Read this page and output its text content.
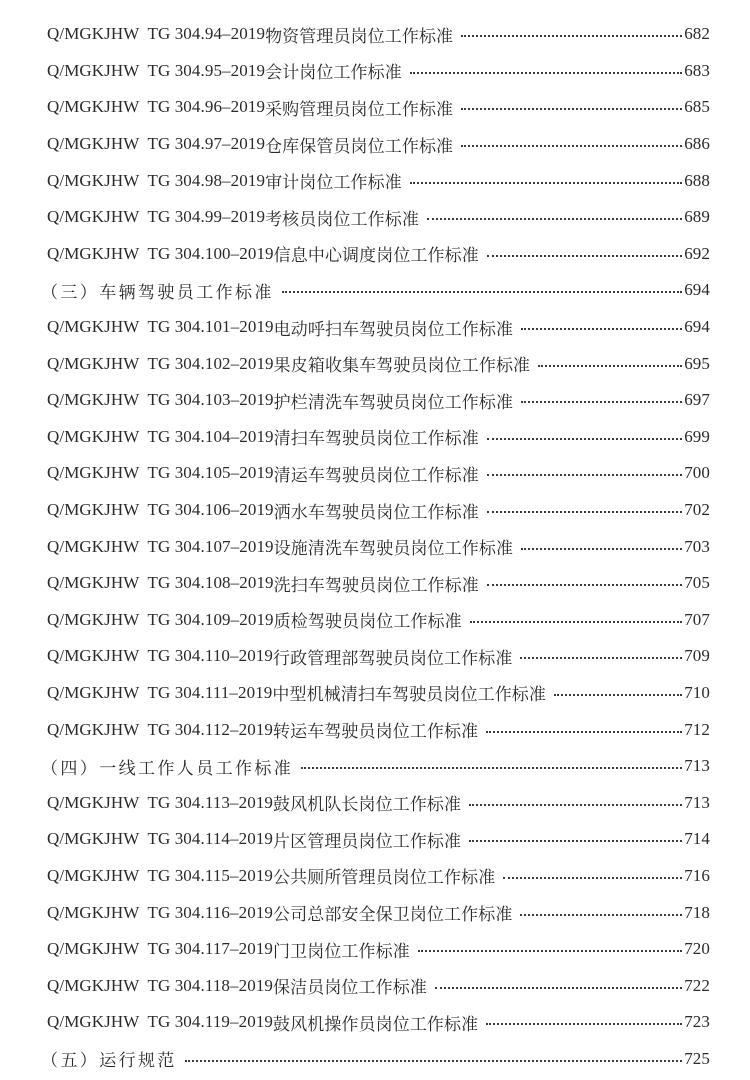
Q/MGKJHW  TG 304.94–2019 物资管理员岗位工作标准	682
Q/MGKJHW  TG 304.95–2019 会计岗位工作标准	683
Q/MGKJHW  TG 304.96–2019 采购管理员岗位工作标准	685
Q/MGKJHW  TG 304.97–2019 仓库保管员岗位工作标准	686
Q/MGKJHW  TG 304.98–2019 审计岗位工作标准	688
Q/MGKJHW  TG 304.99–2019 考核员岗位工作标准	689
Q/MGKJHW  TG 304.100–2019 信息中心调度岗位工作标准	692
（三）车辆驾驶员工作标准	694
Q/MGKJHW  TG 304.101–2019 电动呼扫车驾驶员岗位工作标准	694
Q/MGKJHW  TG 304.102–2019 果皮箱收集车驾驶员岗位工作标准	695
Q/MGKJHW  TG 304.103–2019 护栏清洗车驾驶员岗位工作标准	697
Q/MGKJHW  TG 304.104–2019 清扫车驾驶员岗位工作标准	699
Q/MGKJHW  TG 304.105–2019 清运车驾驶员岗位工作标准	700
Q/MGKJHW  TG 304.106–2019 洒水车驾驶员岗位工作标准	702
Q/MGKJHW  TG 304.107–2019 设施清洗车驾驶员岗位工作标准	703
Q/MGKJHW  TG 304.108–2019 洗扫车驾驶员岗位工作标准	705
Q/MGKJHW  TG 304.109–2019 质检驾驶员岗位工作标准	707
Q/MGKJHW  TG 304.110–2019 行政管理部驾驶员岗位工作标准	709
Q/MGKJHW  TG 304.111–2019 中型机械清扫车驾驶员岗位工作标准	710
Q/MGKJHW  TG 304.112–2019 转运车驾驶员岗位工作标准	712
（四）一线工作人员工作标准	713
Q/MGKJHW  TG 304.113–2019 鼓风机队长岗位工作标准	713
Q/MGKJHW  TG 304.114–2019 片区管理员岗位工作标准	714
Q/MGKJHW  TG 304.115–2019 公共厕所管理员岗位工作标准	716
Q/MGKJHW  TG 304.116–2019 公司总部安全保卫岗位工作标准	718
Q/MGKJHW  TG 304.117–2019 门卫岗位工作标准	720
Q/MGKJHW  TG 304.118–2019 保洁员岗位工作标准	722
Q/MGKJHW  TG 304.119–2019 鼓风机操作员岗位工作标准	723
（五）运行规范	725
